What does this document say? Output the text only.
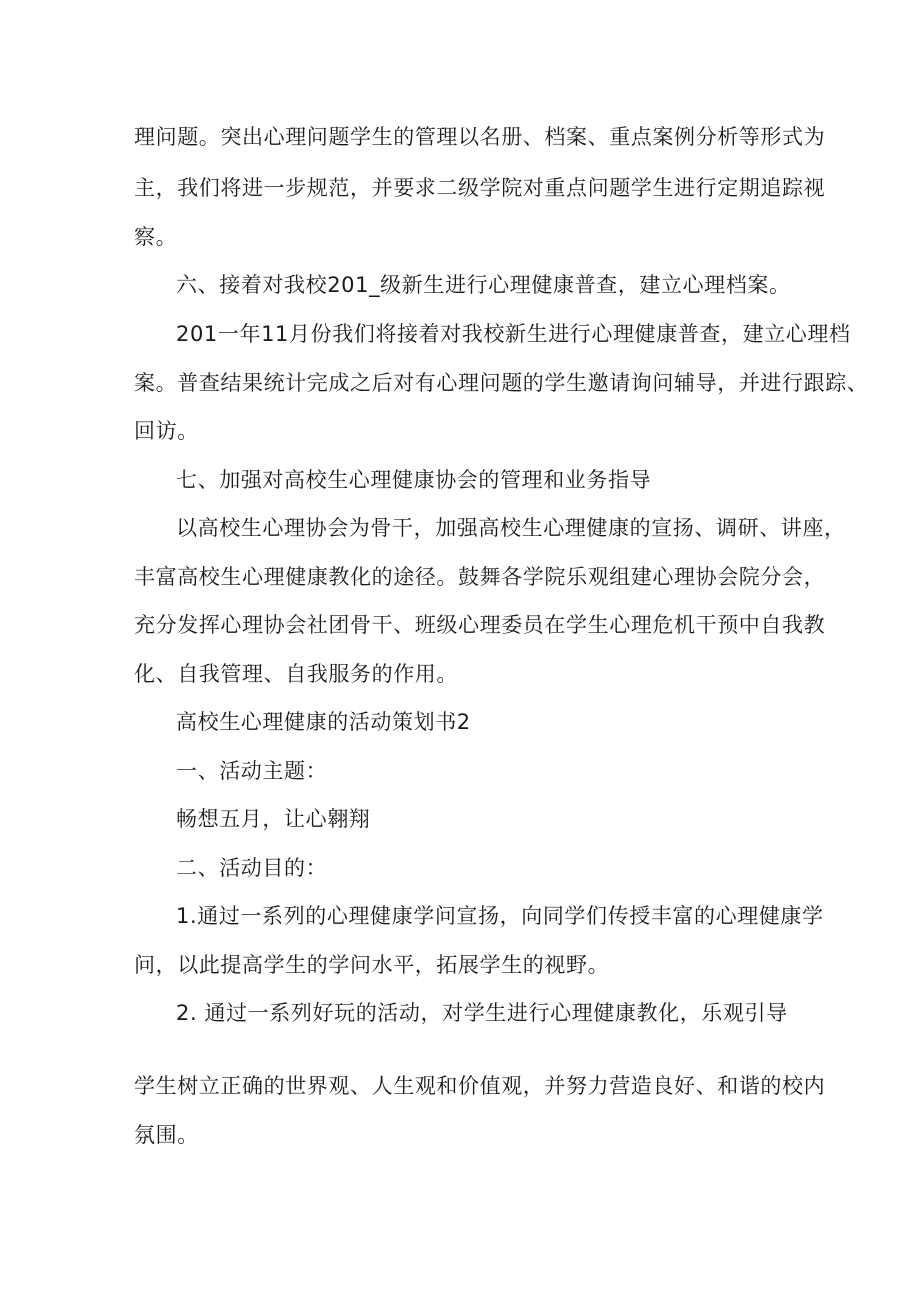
理问题。突出心理问题学生的管理以名册、档案、重点案例分析等形式为
主，我们将进一步规范，并要求二级学院对重点问题学生进行定期追踪视
察。
六、接着对我校201_级新生进行心理健康普查，建立心理档案。
201一年11月份我们将接着对我校新生进行心理健康普查，建立心理档
案。普查结果统计完成之后对有心理问题的学生邀请询问辅导，并进行跟踪、
回访。
七、加强对高校生心理健康协会的管理和业务指导
以高校生心理协会为骨干，加强高校生心理健康的宣扬、调研、讲座，
丰富高校生心理健康教化的途径。鼓舞各学院乐观组建心理协会院分会，
充分发挥心理协会社团骨干、班级心理委员在学生心理危机干预中自我教
化、自我管理、自我服务的作用。
高校生心理健康的活动策划书2
一、活动主题：
畅想五月，让心翱翔
二、活动目的：
1.通过一系列的心理健康学问宣扬，向同学们传授丰富的心理健康学
问，以此提高学生的学问水平，拓展学生的视野。
2. 通过一系列好玩的活动，对学生进行心理健康教化，乐观引导
学生树立正确的世界观、人生观和价值观，并努力营造良好、和谐的校内
氛围。
